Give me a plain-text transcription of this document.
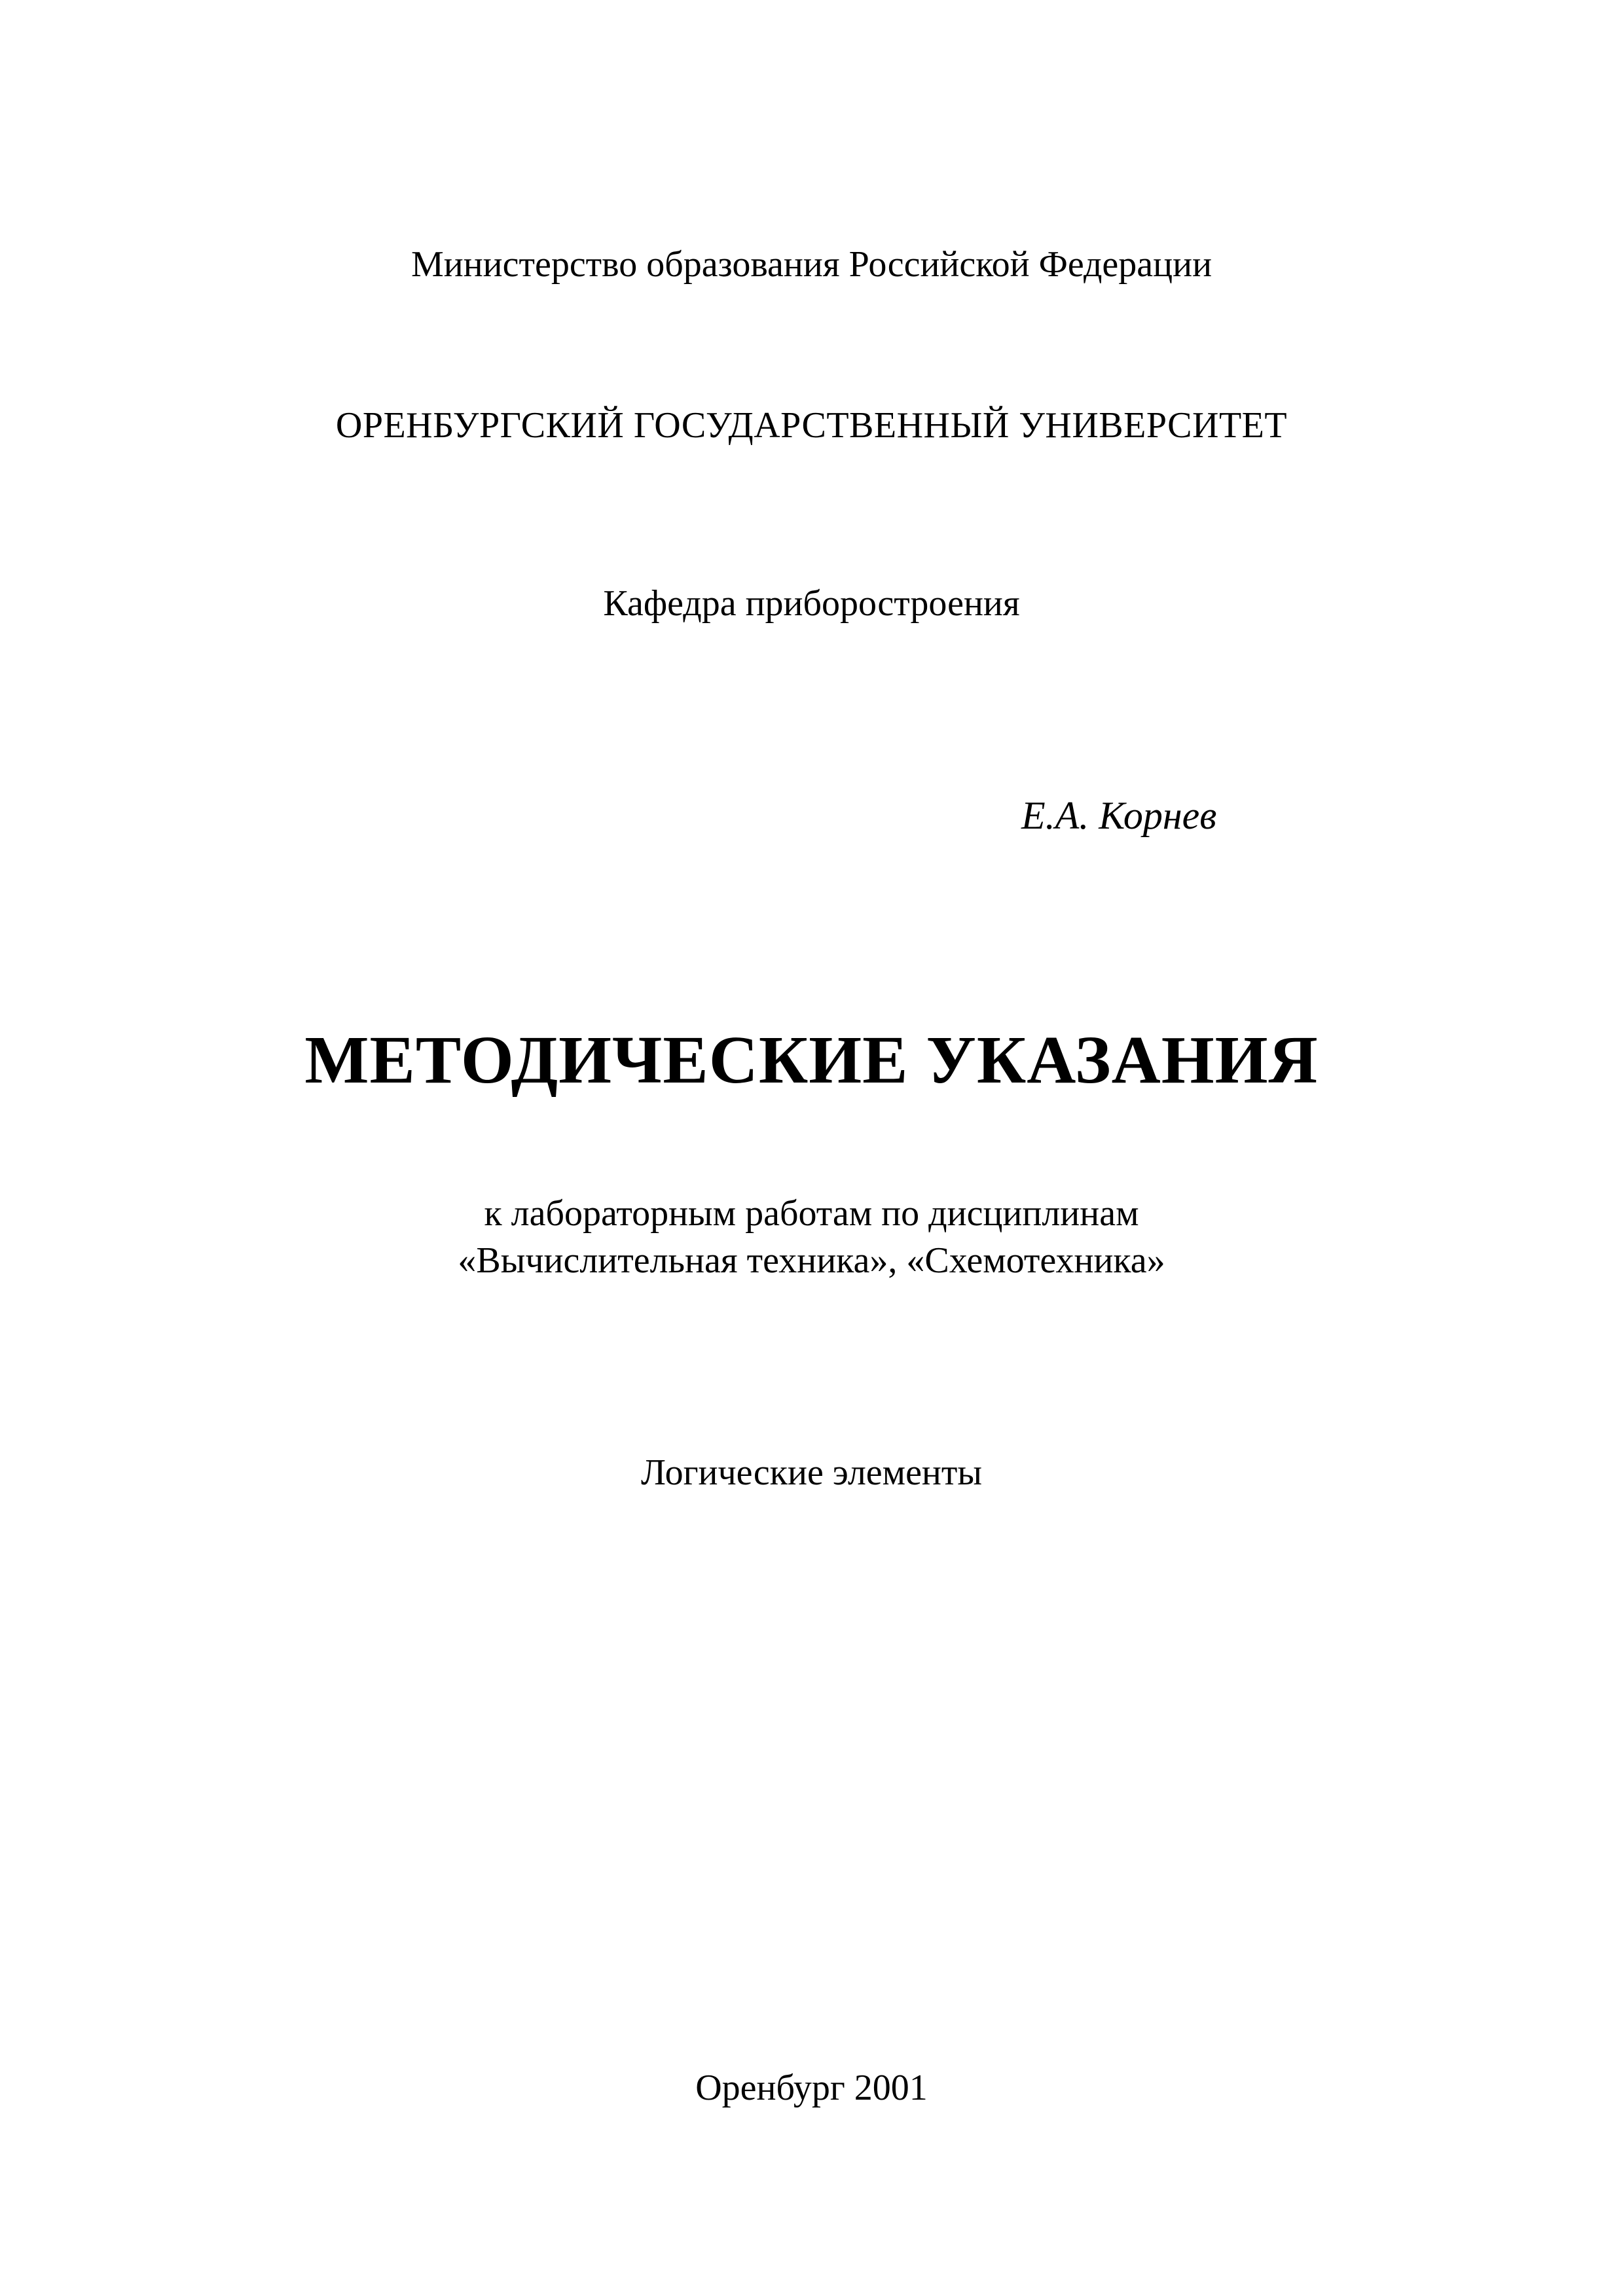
Министерство образования Российской Федерации
ОРЕНБУРГСКИЙ ГОСУДАРСТВЕННЫЙ УНИВЕРСИТЕТ
Кафедра приборостроения
Е.А. Корнев
МЕТОДИЧЕСКИЕ УКАЗАНИЯ
к лабораторным работам по дисциплинам
«Вычислительная техника», «Схемотехника»
Логические элементы
Оренбург 2001
